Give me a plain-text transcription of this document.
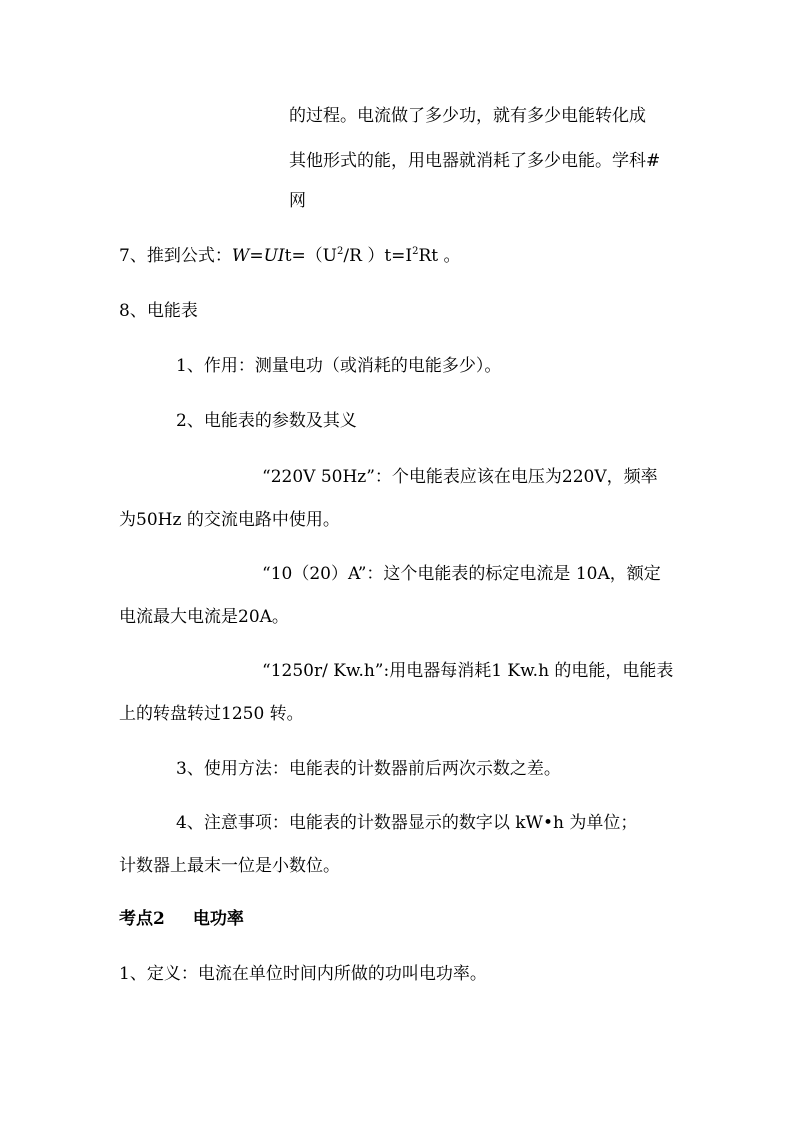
的过程。电流做了多少功，就有多少电能转化成
其他形式的能，用电器就消耗了多少电能。学科#
网
7、推到公式：$W=UIt=(U^2/R$ ）$t=I^2Rt$ 。
8、电能表
1、作用：测量电功（或消耗的电能多少）。
2、电能表的参数及其义
“220V 50Hz”：个电能表应该在电压为220V，频率
为50Hz 的交流电路中使用。
“10（20）A”：这个电能表的标定电流是 10A，额定
电流最大电流是20A。
“1250r/ Kw.h”:用电器每消耗1 Kw.h 的电能，电能表
上的转盘转过1250 转。
3、使用方法：电能表的计数器前后两次示数之差。
4、注意事项：电能表的计数器显示的数字以 kW•h 为单位；
计数器上最末一位是小数位。
考点2 电功率
1、定义：电流在单位时间内所做的功叫电功率。
